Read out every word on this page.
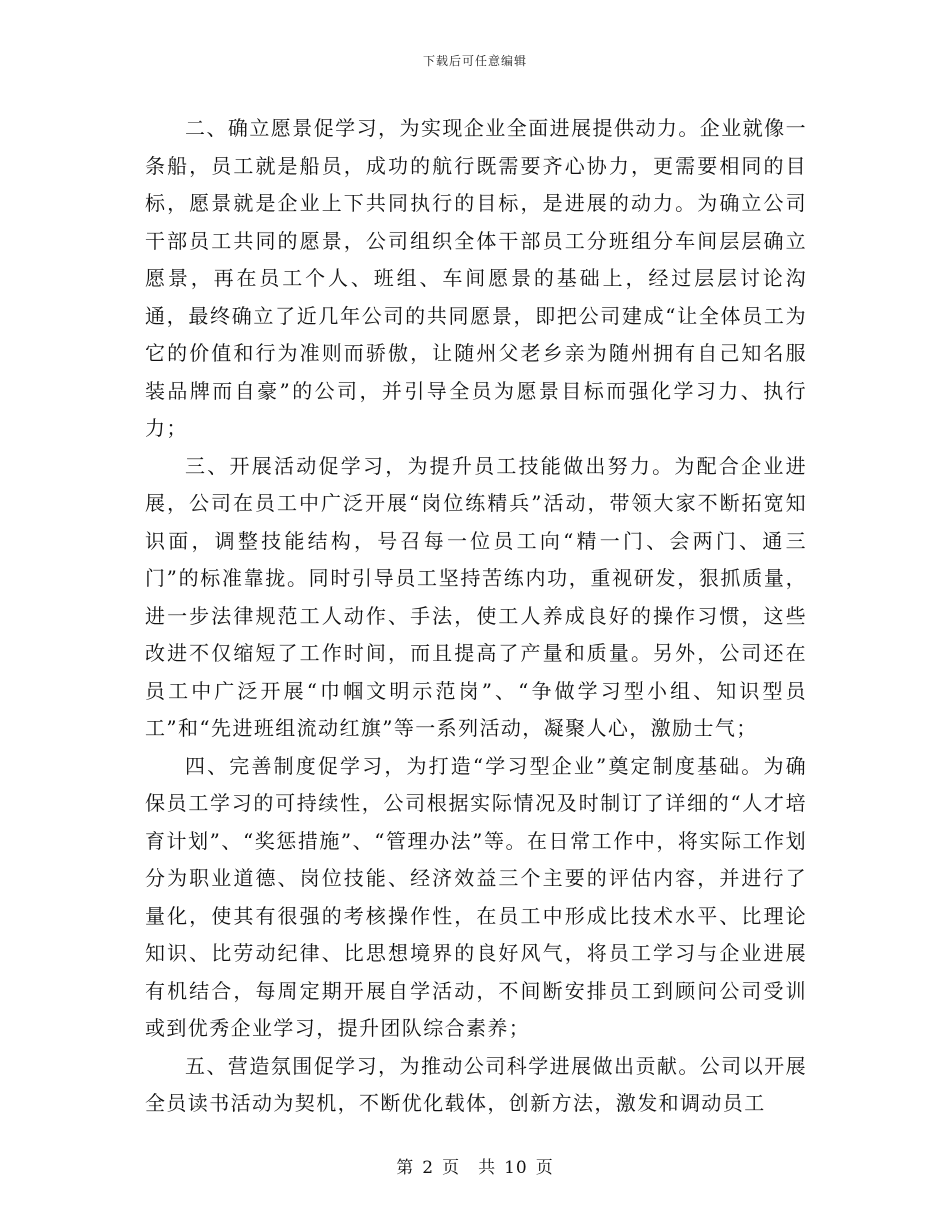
下载后可任意编辑

二、确立愿景促学习，为实现企业全面进展提供动力。企业就像一条船，员工就是船员，成功的航行既需要齐心协力，更需要相同的目标，愿景就是企业上下共同执行的目标，是进展的动力。为确立公司干部员工共同的愿景，公司组织全体干部员工分班组分车间层层确立愿景，再在员工个人、班组、车间愿景的基础上，经过层层讨论沟通，最终确立了近几年公司的共同愿景，即把公司建成“让全体员工为它的价值和行为准则而骄傲，让随州父老乡亲为随州拥有自己知名服装品牌而自豪”的公司，并引导全员为愿景目标而强化学习力、执行力；

三、开展活动促学习，为提升员工技能做出努力。为配合企业进展，公司在员工中广泛开展“岗位练精兵”活动，带领大家不断拓宽知识面，调整技能结构，号召每一位员工向“精一门、会两门、通三门”的标准靠拢。同时引导员工坚持苦练内功，重视研发，狠抓质量，进一步法律规范工人动作、手法，使工人养成良好的操作习惯，这些改进不仅缩短了工作时间，而且提高了产量和质量。另外，公司还在员工中广泛开展“巾帼文明示范岗”、“争做学习型小组、知识型员工”和“先进班组流动红旗”等一系列活动，凝聚人心，激励士气；

四、完善制度促学习，为打造“学习型企业”奠定制度基础。为确保员工学习的可持续性，公司根据实际情况及时制订了详细的“人才培育计划”、“奖惩措施”、“管理办法”等。在日常工作中，将实际工作划分为职业道德、岗位技能、经济效益三个主要的评估内容，并进行了量化，使其有很强的考核操作性，在员工中形成比技术水平、比理论知识、比劳动纪律、比思想境界的良好风气，将员工学习与企业进展有机结合，每周定期开展自学活动，不间断安排员工到顾问公司受训或到优秀企业学习，提升团队综合素养；

五、营造氛围促学习，为推动公司科学进展做出贡献。公司以开展全员读书活动为契机，不断优化载体，创新方法，激发和调动员工

第 2 页　共 10 页
